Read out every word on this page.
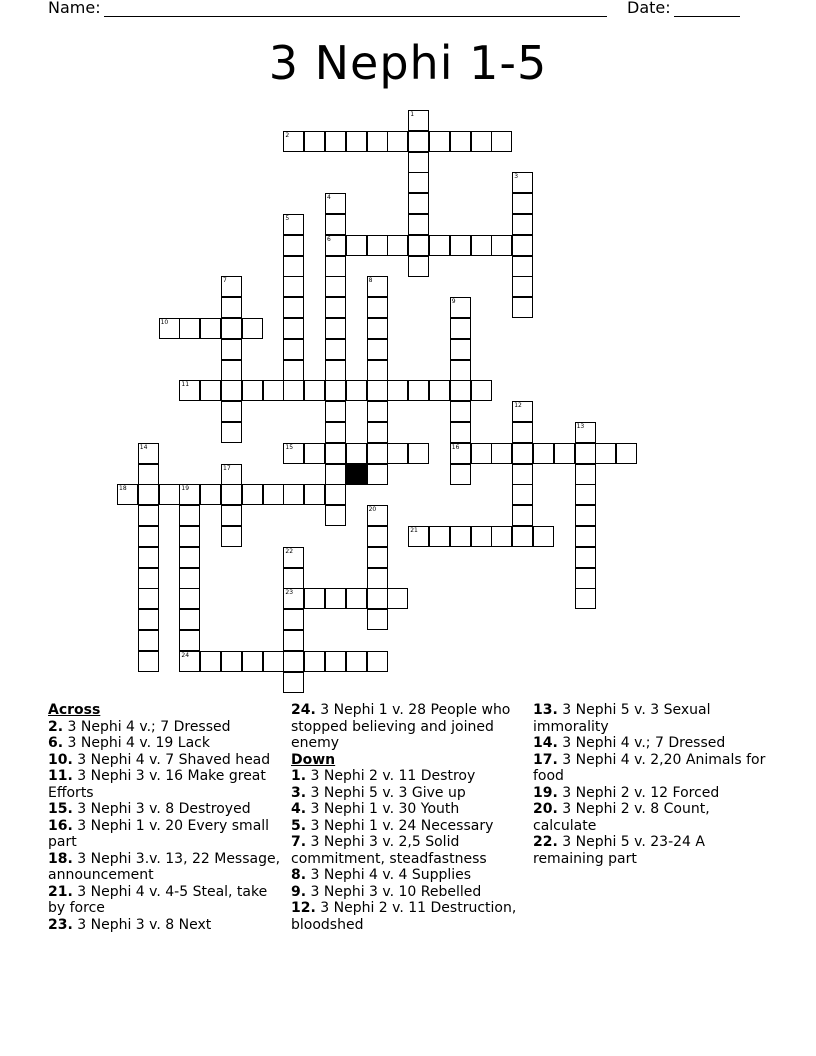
Name:	Date:
3 Nephi 1-5
2
6
10
11
15	16
18	19
21
23
24
1
3
4
5
7	8
9
12
13
14
17
20
22
Across
2. 3 Nephi 4 v.; 7 Dressed
6. 3 Nephi 4 v. 19 Lack
10. 3 Nephi 4 v. 7 Shaved head
11. 3 Nephi 3 v. 16 Make great Efforts
15. 3 Nephi 3 v. 8 Destroyed
16. 3 Nephi 1 v. 20 Every small part
18. 3 Nephi 3.v. 13, 22 Message, announcement
21. 3 Nephi 4 v. 4-5 Steal, take by force
23. 3 Nephi 3 v. 8 Next
24. 3 Nephi 1 v. 28 People who stopped believing and joined enemy
Down
1. 3 Nephi 2 v. 11 Destroy
3. 3 Nephi 5 v. 3 Give up
4. 3 Nephi 1 v. 30 Youth
5. 3 Nephi 1 v. 24 Necessary
7. 3 Nephi 3 v. 2,5 Solid commitment, steadfastness
8. 3 Nephi 4 v. 4 Supplies
9. 3 Nephi 3 v. 10 Rebelled
12. 3 Nephi 2 v. 11 Destruction, bloodshed
13. 3 Nephi 5 v. 3 Sexual immorality
14. 3 Nephi 4 v.; 7 Dressed
17. 3 Nephi 4 v. 2,20 Animals for food
19. 3 Nephi 2 v. 12 Forced
20. 3 Nephi 2 v. 8 Count, calculate
22. 3 Nephi 5 v. 23-24 A remaining part
